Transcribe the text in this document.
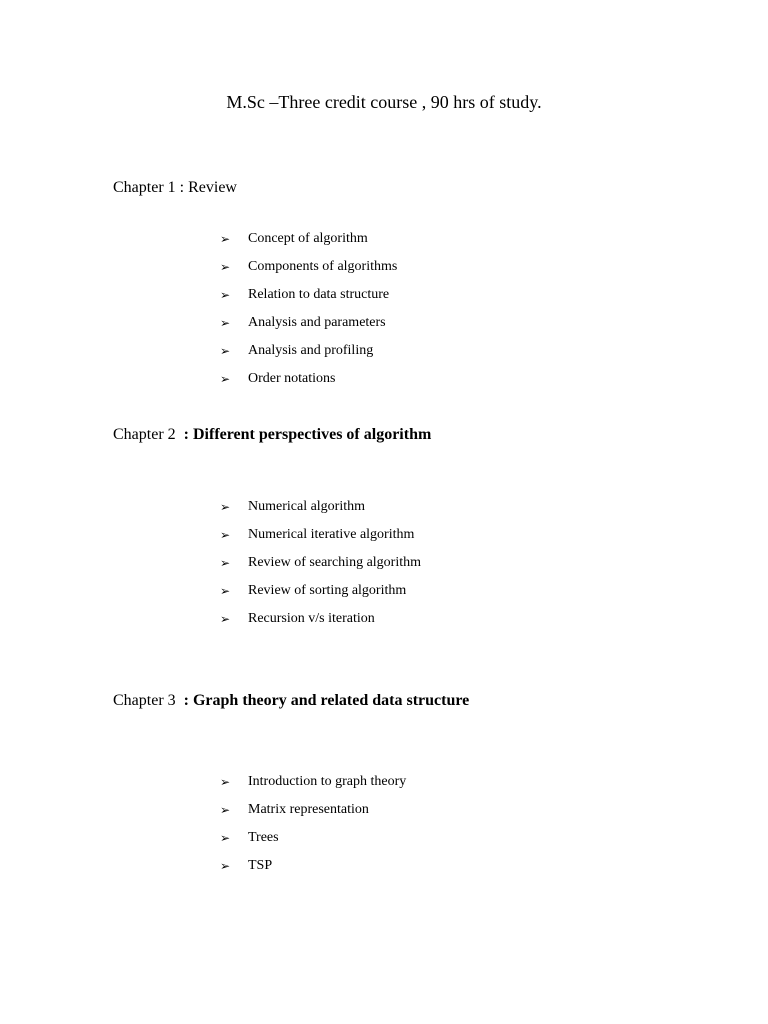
M.Sc –Three credit course , 90 hrs of study.
Chapter 1 : Review
➢	Concept of algorithm
➢	Components of algorithms
➢	Relation to data structure
➢	Analysis and parameters
➢	Analysis and profiling
➢	Order notations
Chapter 2  : Different perspectives of algorithm
➢	Numerical algorithm
➢	Numerical iterative algorithm
➢	Review of searching algorithm
➢	Review of sorting algorithm
➢	Recursion v/s iteration
Chapter 3  : Graph theory and related data structure
➢	Introduction to graph theory
➢	Matrix representation
➢	Trees
➢	TSP
